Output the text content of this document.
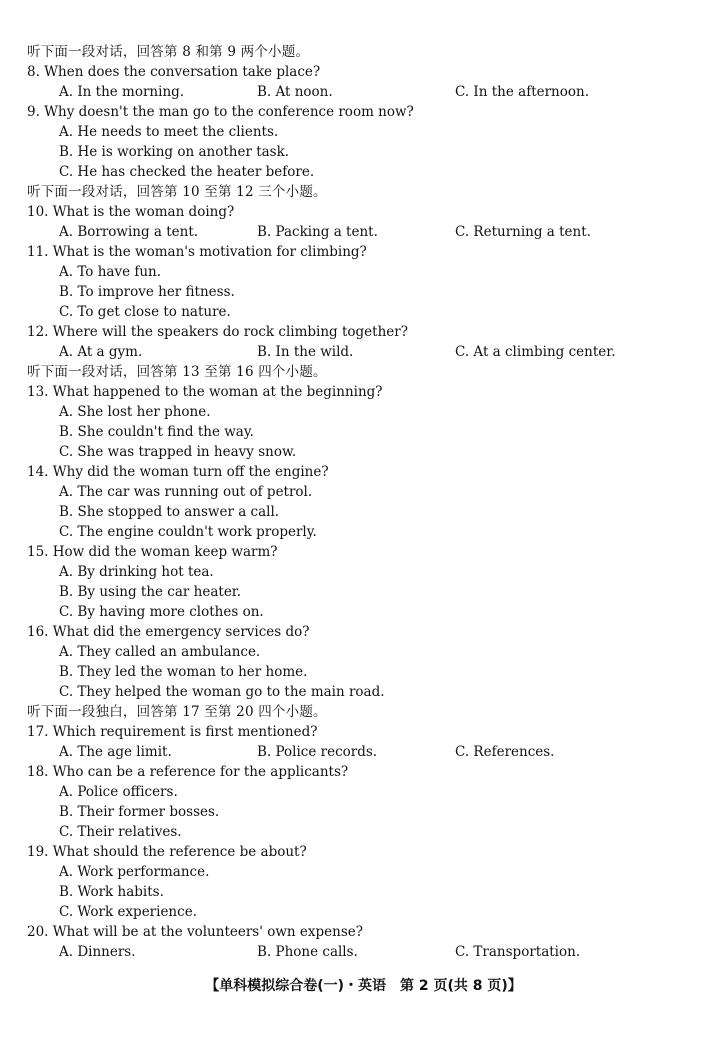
听下面一段对话，回答第 8 和第 9 两个小题。
8. When does the conversation take place?
A. In the morning.	B. At noon.	C. In the afternoon.
9. Why doesn't the man go to the conference room now?
A. He needs to meet the clients.
B. He is working on another task.
C. He has checked the heater before.
听下面一段对话，回答第 10 至第 12 三个小题。
10. What is the woman doing?
A. Borrowing a tent.	B. Packing a tent.	C. Returning a tent.
11. What is the woman's motivation for climbing?
A. To have fun.
B. To improve her fitness.
C. To get close to nature.
12. Where will the speakers do rock climbing together?
A. At a gym.	B. In the wild.	C. At a climbing center.
听下面一段对话，回答第 13 至第 16 四个小题。
13. What happened to the woman at the beginning?
A. She lost her phone.
B. She couldn't find the way.
C. She was trapped in heavy snow.
14. Why did the woman turn off the engine?
A. The car was running out of petrol.
B. She stopped to answer a call.
C. The engine couldn't work properly.
15. How did the woman keep warm?
A. By drinking hot tea.
B. By using the car heater.
C. By having more clothes on.
16. What did the emergency services do?
A. They called an ambulance.
B. They led the woman to her home.
C. They helped the woman go to the main road.
听下面一段独白，回答第 17 至第 20 四个小题。
17. Which requirement is first mentioned?
A. The age limit.	B. Police records.	C. References.
18. Who can be a reference for the applicants?
A. Police officers.
B. Their former bosses.
C. Their relatives.
19. What should the reference be about?
A. Work performance.
B. Work habits.
C. Work experience.
20. What will be at the volunteers' own expense?
A. Dinners.	B. Phone calls.	C. Transportation.
【单科模拟综合卷(一)・英语　第 2 页(共 8 页)】
